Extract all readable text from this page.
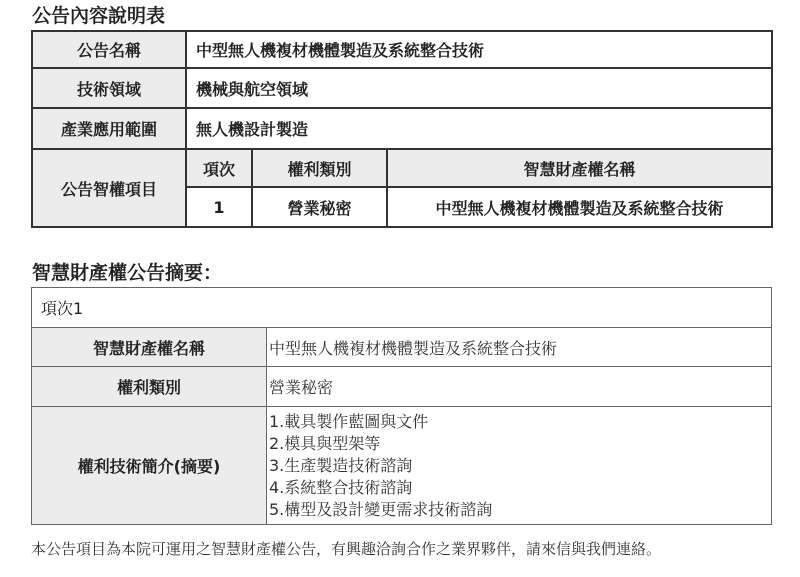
公告內容說明表
公告名稱	中型無人機複材機體製造及系統整合技術		
技術領域	機械與航空領域		
產業應用範圍	無人機設計製造		
公告智權項目	項次	權利類別	智慧財產權名稱
	1	營業秘密	中型無人機複材機體製造及系統整合技術
智慧財產權公告摘要：
項次1	
智慧財產權名稱	中型無人機複材機體製造及系統整合技術
權利類別	營業秘密
權利技術簡介(摘要)	1.載具製作藍圖與文件
2.模具與型架等
3.生產製造技術諮詢
4.系統整合技術諮詢
5.構型及設計變更需求技術諮詢
本公告項目為本院可運用之智慧財產權公告，有興趣洽詢合作之業界夥伴，請來信與我們連絡。
